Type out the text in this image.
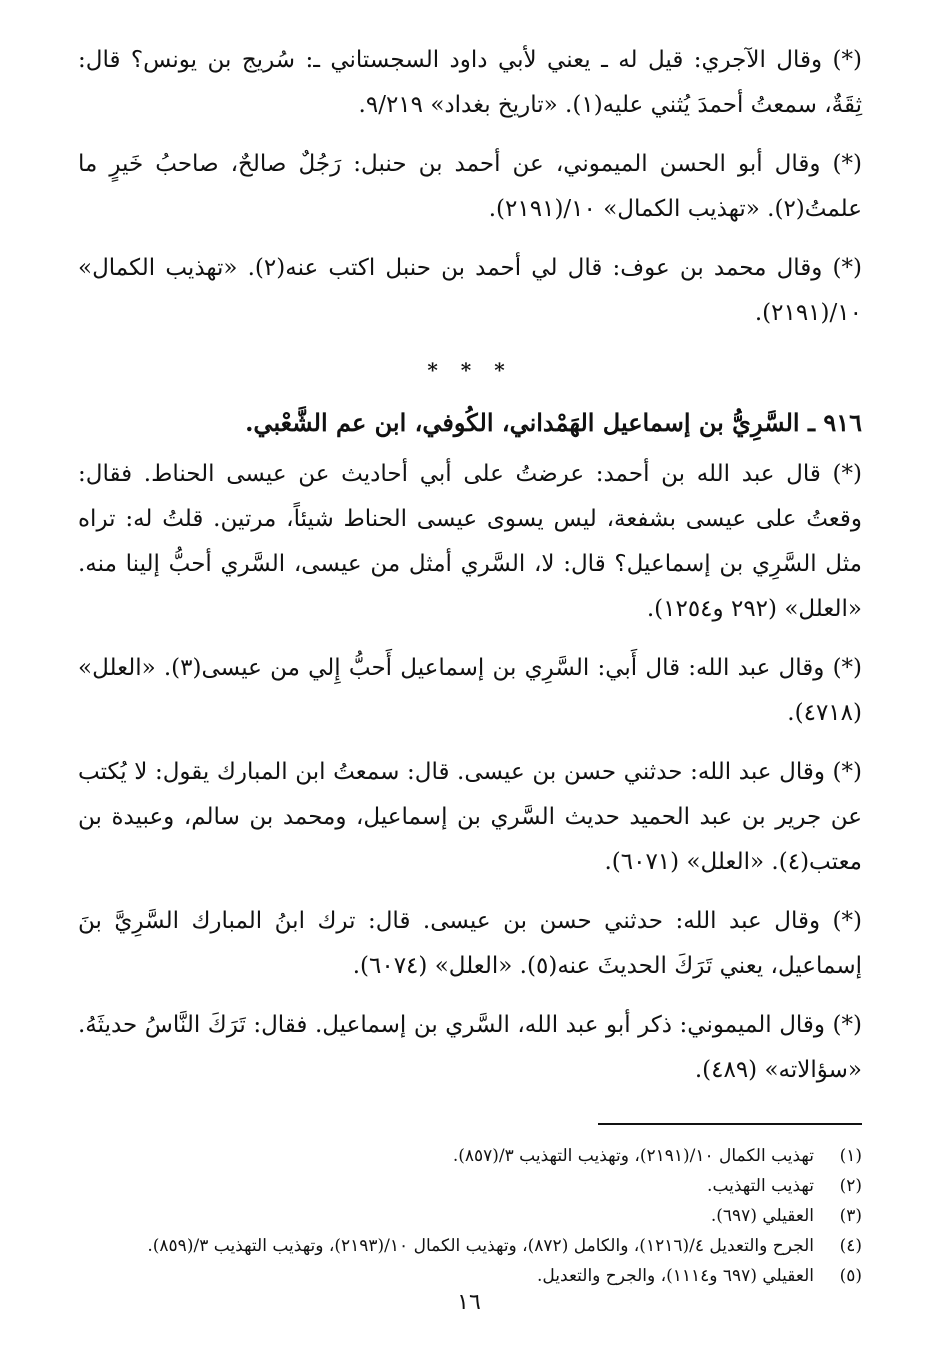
(*) وقال الآجري: قيل له ـ يعني لأبي داود السجستاني ـ: سُريج بن يونس؟ قال: ثِقَةٌ، سمعتُ أحمدَ يُثني عليه(١). «تاريخ بغداد» ٩/٢١٩.

(*) وقال أبو الحسن الميموني، عن أحمد بن حنبل: رَجُلٌ صالحٌ، صاحبُ خَيرٍ ما علمتُ(٢). «تهذيب الكمال» ١٠/(٢١٩١).

(*) وقال محمد بن عوف: قال لي أحمد بن حنبل اكتب عنه(٢). «تهذيب الكمال» ١٠/(٢١٩١).

* * *
٩١٦ ـ السَّرِيُّ بن إسماعيل الهَمْداني، الكُوفي، ابن عم الشَّعْبي.

(*) قال عبد الله بن أحمد: عرضتُ على أبي أحاديث عن عيسى الحناط. فقال: وقعتُ على عيسى بشفعة، ليس يسوى عيسى الحناط شيئاً، مرتين. قلتُ له: تراه مثل السَّرِي بن إسماعيل؟ قال: لا، السَّري أمثل من عيسى، السَّري أحبُّ إلينا منه. «العلل» (٢٩٢ و١٢٥٤).

(*) وقال عبد الله: قال أَبي: السَّرِي بن إسماعيل أَحبُّ إِلي من عيسى(٣). «العلل» (٤٧١٨).

(*) وقال عبد الله: حدثني حسن بن عيسى. قال: سمعتُ ابن المبارك يقول: لا يُكتب عن جرير بن عبد الحميد حديث السَّري بن إسماعيل، ومحمد بن سالم، وعبيدة بن معتب(٤). «العلل» (٦٠٧١).

(*) وقال عبد الله: حدثني حسن بن عيسى. قال: ترك ابنُ المبارك السَّرِيَّ بنَ إسماعيل، يعني تَرَكَ الحديثَ عنه(٥). «العلل» (٦٠٧٤).

(*) وقال الميموني: ذكر أبو عبد الله، السَّري بن إسماعيل. فقال: تَرَكَ النَّاسُ حديثَهُ. «سؤالاته» (٤٨٩).

(١)
تهذيب الكمال ١٠/(٢١٩١)، وتهذيب التهذيب ٣/(٨٥٧).
(٢)
تهذيب التهذيب.
(٣)
العقيلي (٦٩٧).
(٤)
الجرح والتعديل ٤/(١٢١٦)، والكامل (٨٧٢)، وتهذيب الكمال ١٠/(٢١٩٣)، وتهذيب التهذيب ٣/(٨٥٩).
(٥)
العقيلي (٦٩٧ و١١١٤)، والجرح والتعديل.
١٦
